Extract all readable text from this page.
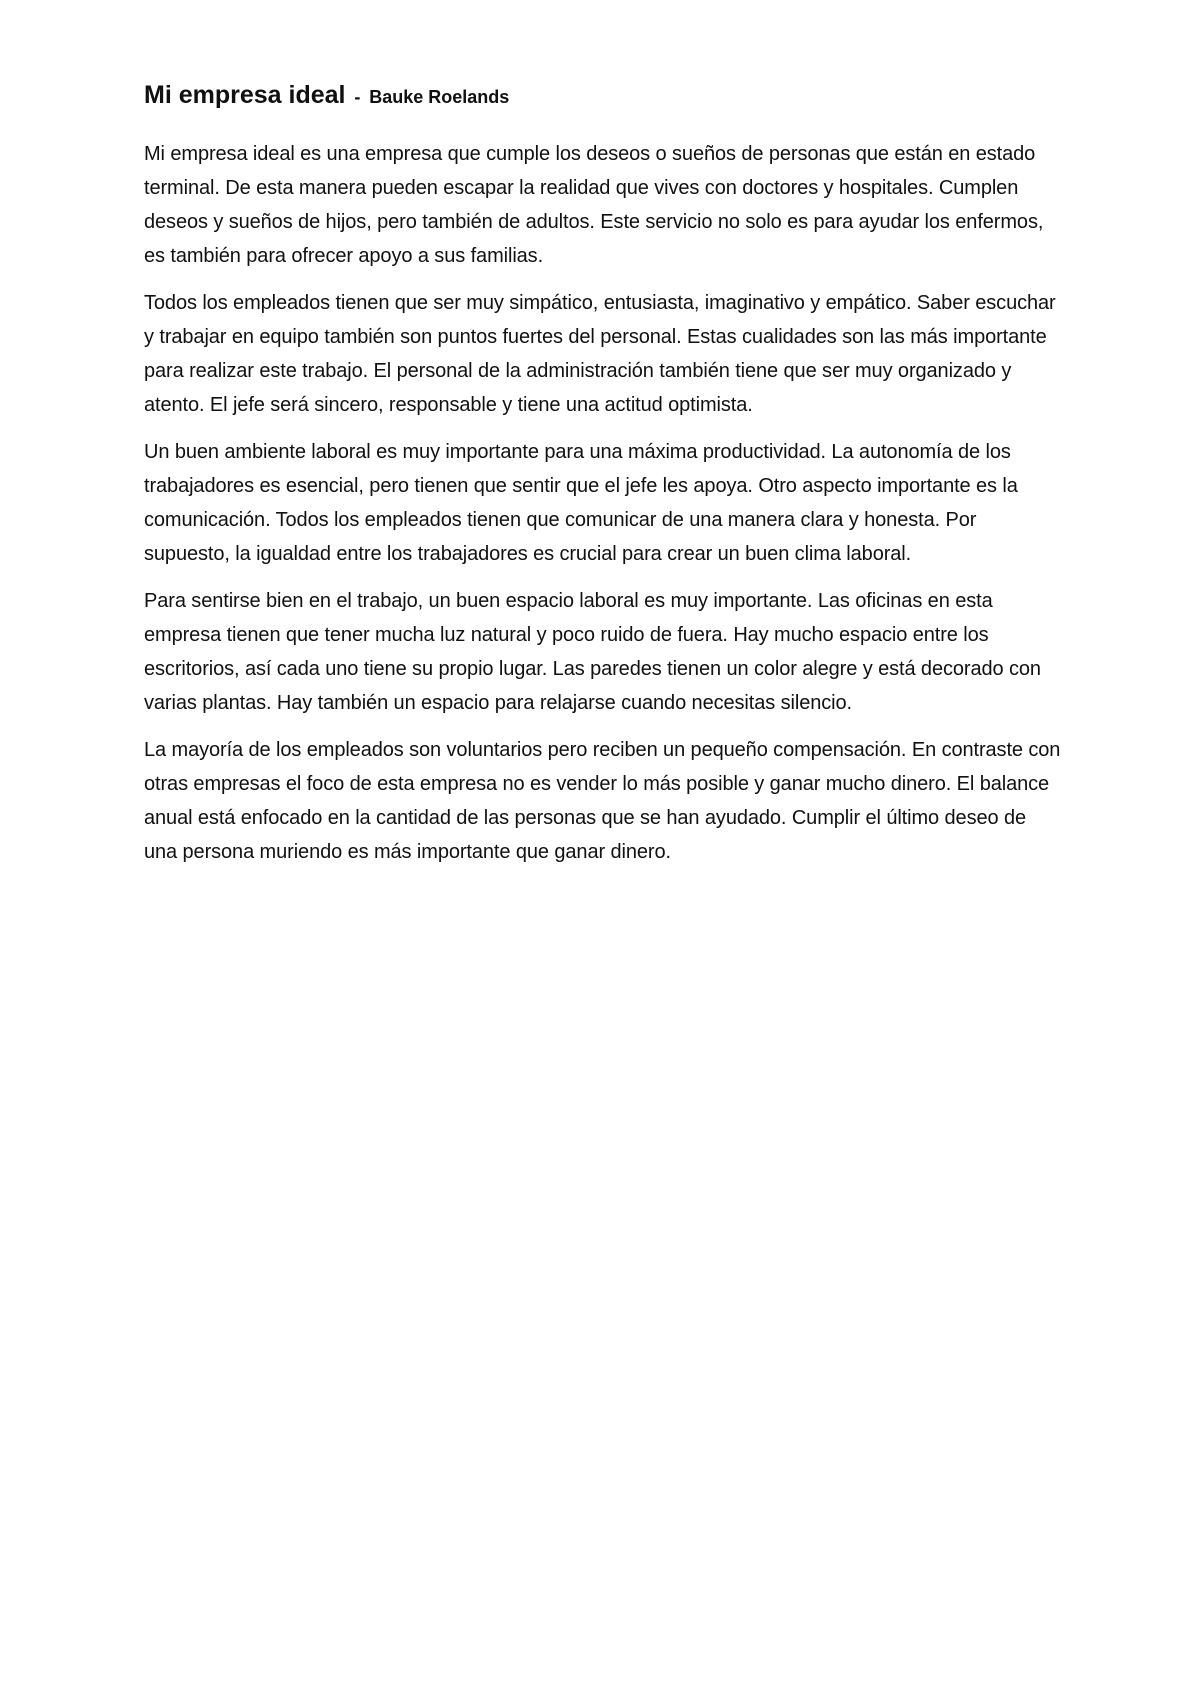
Mi empresa ideal - Bauke Roelands

Mi empresa ideal es una empresa que cumple los deseos o sueños de personas que están en estado terminal. De esta manera pueden escapar la realidad que vives con doctores y hospitales. Cumplen deseos y sueños de hijos, pero también de adultos. Este servicio no solo es para ayudar los enfermos, es también para ofrecer apoyo a sus familias.

Todos los empleados tienen que ser muy simpático, entusiasta, imaginativo y empático. Saber escuchar y trabajar en equipo también son puntos fuertes del personal. Estas cualidades son las más importante para realizar este trabajo. El personal de la administración también tiene que ser muy organizado y atento. El jefe será sincero, responsable y tiene una actitud optimista.

Un buen ambiente laboral es muy importante para una máxima productividad. La autonomía de los trabajadores es esencial, pero tienen que sentir que el jefe les apoya. Otro aspecto importante es la comunicación. Todos los empleados tienen que comunicar de una manera clara y honesta. Por supuesto, la igualdad entre los trabajadores es crucial para crear un buen clima laboral.

Para sentirse bien en el trabajo, un buen espacio laboral es muy importante. Las oficinas en esta empresa tienen que tener mucha luz natural y poco ruido de fuera. Hay mucho espacio entre los escritorios, así cada uno tiene su propio lugar. Las paredes tienen un color alegre y está decorado con varias plantas. Hay también un espacio para relajarse cuando necesitas silencio.

La mayoría de los empleados son voluntarios pero reciben un pequeño compensación. En contraste con otras empresas el foco de esta empresa no es vender lo más posible y ganar mucho dinero. El balance anual está enfocado en la cantidad de las personas que se han ayudado. Cumplir el último deseo de una persona muriendo es más importante que ganar dinero.
